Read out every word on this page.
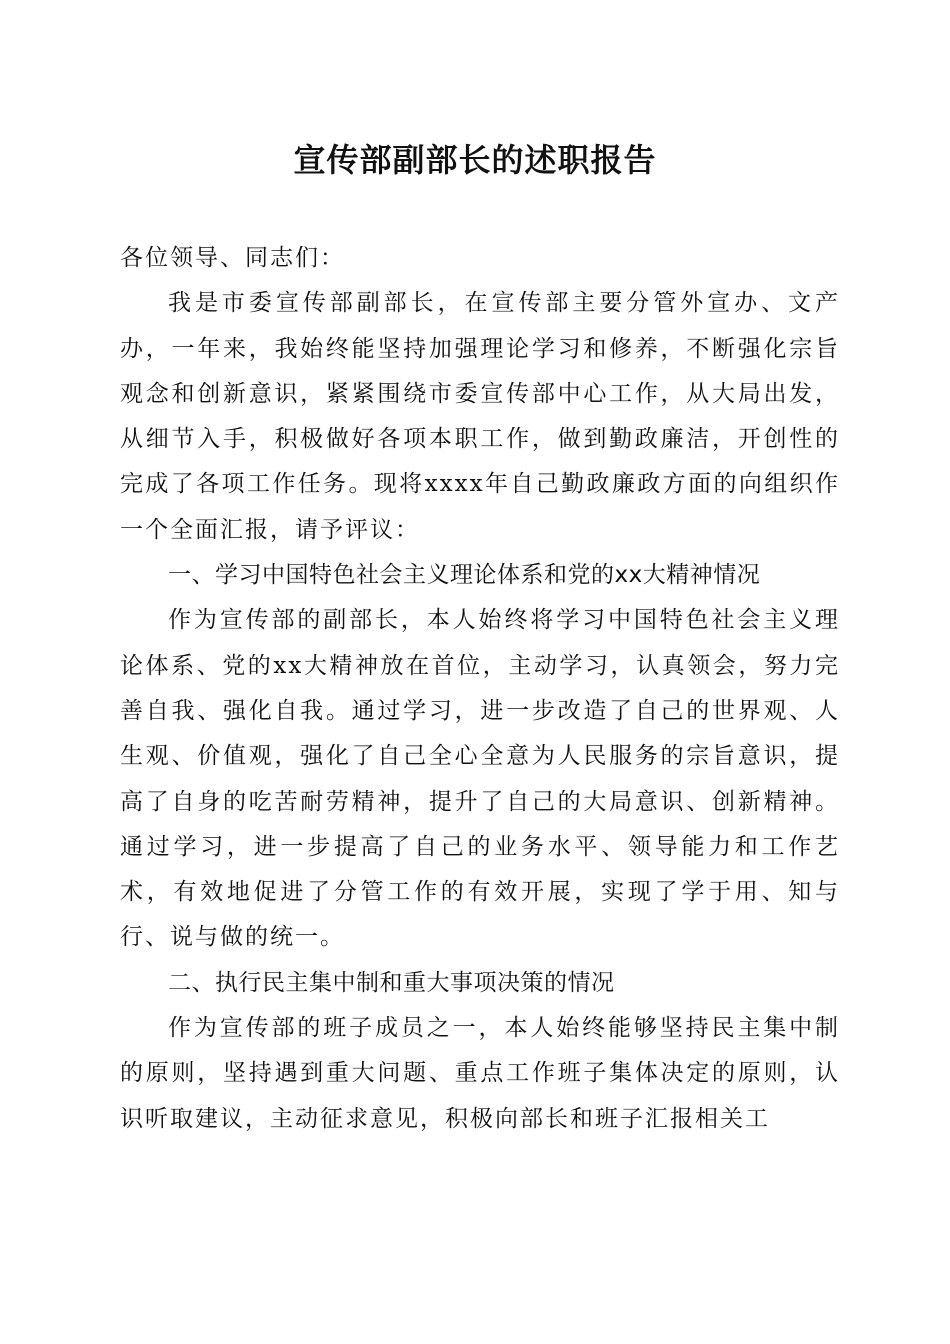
宣传部副部长的述职报告

各位领导、同志们：

我是市委宣传部副部长，在宣传部主要分管外宣办、文产办，一年来，我始终能坚持加强理论学习和修养，不断强化宗旨观念和创新意识，紧紧围绕市委宣传部中心工作，从大局出发，从细节入手，积极做好各项本职工作，做到勤政廉洁，开创性的完成了各项工作任务。现将xxxx年自己勤政廉政方面的向组织作一个全面汇报，请予评议：

一、学习中国特色社会主义理论体系和党的xx大精神情况

作为宣传部的副部长，本人始终将学习中国特色社会主义理论体系、党的xx大精神放在首位，主动学习，认真领会，努力完善自我、强化自我。通过学习，进一步改造了自己的世界观、人生观、价值观，强化了自己全心全意为人民服务的宗旨意识，提高了自身的吃苦耐劳精神，提升了自己的大局意识、创新精神。通过学习，进一步提高了自己的业务水平、领导能力和工作艺术，有效地促进了分管工作的有效开展，实现了学于用、知与行、说与做的统一。

二、执行民主集中制和重大事项决策的情况

作为宣传部的班子成员之一，本人始终能够坚持民主集中制的原则，坚持遇到重大问题、重点工作班子集体决定的原则，认识听取建议，主动征求意见，积极向部长和班子汇报相关工
